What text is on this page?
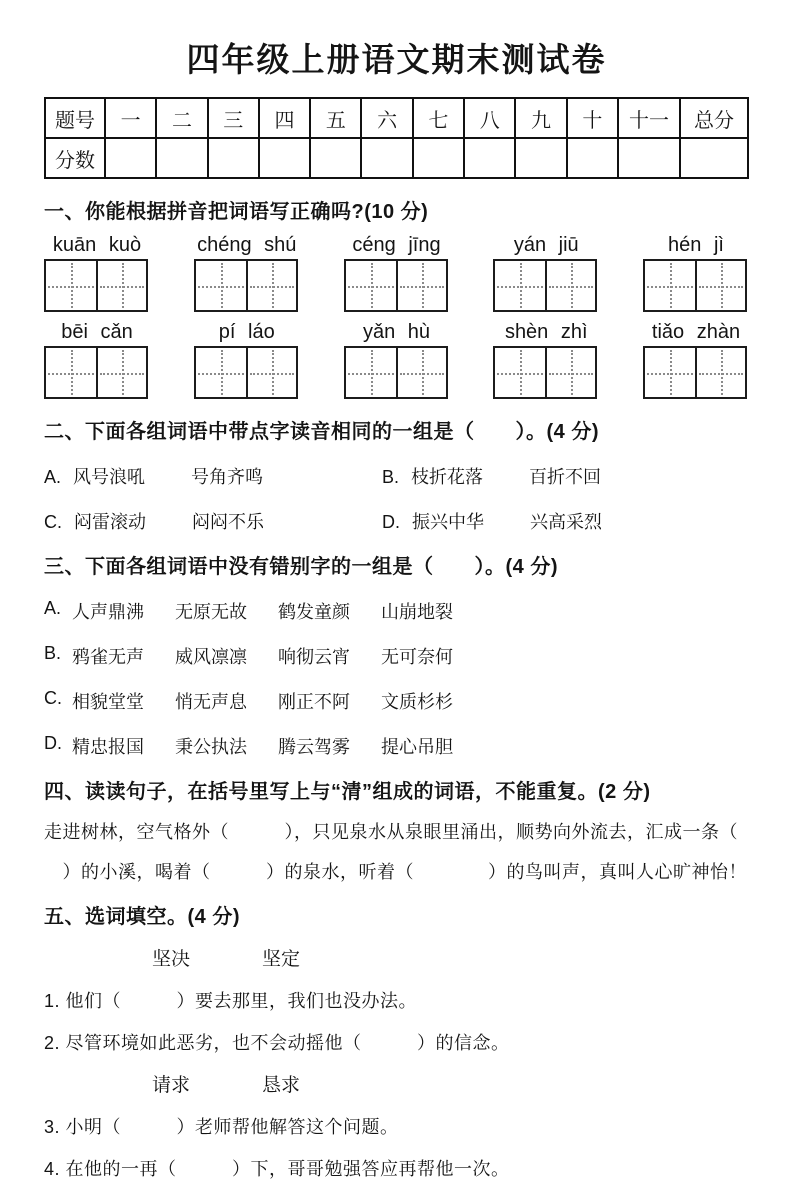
四年级上册语文期末测试卷
题号	一	二	三	四	五	六	七	八	九	十	十一	总分
分数												
一、你能根据拼音把词语写正确吗?(10 分)
kuān kuò	chéng shú	céng jīng	yán jiū	hén jì
bēi cǎn	pí láo	yǎn hù	shèn zhì	tiǎo zhàn
二、下面各组词语中带点字读音相同的一组是（　　）。(4 分)
A. 风号浪吼	号角齐鸣	B. 枝折花落	百折不回
C. 闷雷滚动	闷闷不乐	D. 振兴中华	兴高采烈
三、下面各组词语中没有错别字的一组是（　　）。(4 分)
A. 人声鼎沸	无原无故	鹤发童颜	山崩地裂
B. 鸦雀无声	威风凛凛	响彻云宵	无可奈何
C. 相貌堂堂	悄无声息	刚正不阿	文质杉杉
D. 精忠报国	秉公执法	腾云驾雾	提心吊胆
四、读读句子，在括号里写上与“清”组成的词语，不能重复。(2 分)
走进树林，空气格外（　　　），只见泉水从泉眼里涌出，顺势向外流去，汇成一条（
　）的小溪，喝着（　　　）的泉水，听着（　　　　）的鸟叫声，真叫人心旷神怡！
五、选词填空。(4 分)
坚决	坚定
1. 他们（　　　）要去那里，我们也没办法。
2. 尽管环境如此恶劣，也不会动摇他（　　　）的信念。
请求	恳求
3. 小明（　　　）老师帮他解答这个问题。
4. 在他的一再（　　　）下，哥哥勉强答应再帮他一次。
